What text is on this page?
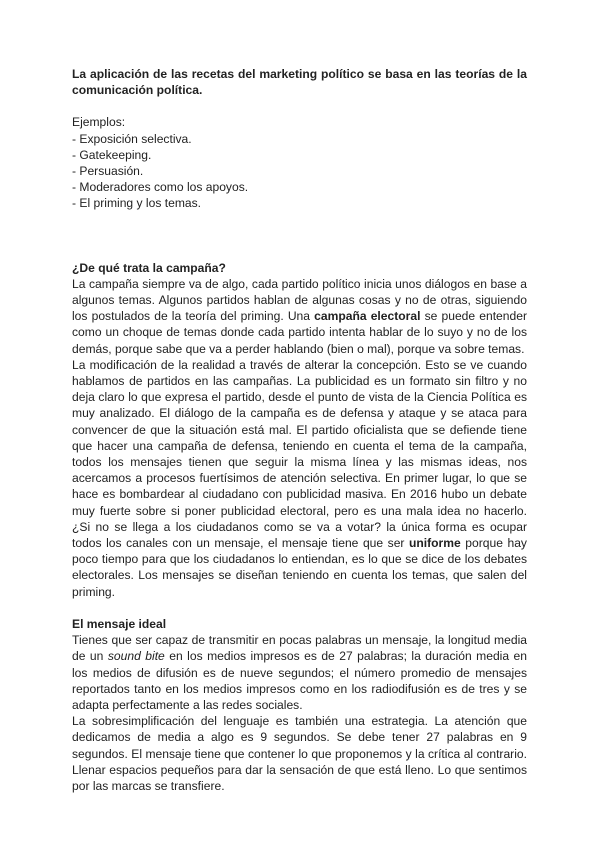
La aplicación de las recetas del marketing político se basa en las teorías de la comunicación política.

Ejemplos:
- Exposición selectiva.
- Gatekeeping.
- Persuasión.
- Moderadores como los apoyos.
- El priming y los temas.

¿De qué trata la campaña?

La campaña siempre va de algo, cada partido político inicia unos diálogos en base a algunos temas. Algunos partidos hablan de algunas cosas y no de otras, siguiendo los postulados de la teoría del priming. Una campaña electoral se puede entender como un choque de temas donde cada partido intenta hablar de lo suyo y no de los demás, porque sabe que va a perder hablando (bien o mal), porque va sobre temas.

La modificación de la realidad a través de alterar la concepción. Esto se ve cuando hablamos de partidos en las campañas. La publicidad es un formato sin filtro y no deja claro lo que expresa el partido, desde el punto de vista de la Ciencia Política es muy analizado. El diálogo de la campaña es de defensa y ataque y se ataca para convencer de que la situación está mal. El partido oficialista que se defiende tiene que hacer una campaña de defensa, teniendo en cuenta el tema de la campaña, todos los mensajes tienen que seguir la misma línea y las mismas ideas, nos acercamos a procesos fuertísimos de atención selectiva. En primer lugar, lo que se hace es bombardear al ciudadano con publicidad masiva. En 2016 hubo un debate muy fuerte sobre si poner publicidad electoral, pero es una mala idea no hacerlo. ¿Si no se llega a los ciudadanos como se va a votar? la única forma es ocupar todos los canales con un mensaje, el mensaje tiene que ser uniforme porque hay poco tiempo para que los ciudadanos lo entiendan, es lo que se dice de los debates electorales. Los mensajes se diseñan teniendo en cuenta los temas, que salen del priming.

El mensaje ideal

Tienes que ser capaz de transmitir en pocas palabras un mensaje, la longitud media de un sound bite en los medios impresos es de 27 palabras; la duración media en los medios de difusión es de nueve segundos; el número promedio de mensajes reportados tanto en los medios impresos como en los radiodifusión es de tres y se adapta perfectamente a las redes sociales.

La sobresimplificación del lenguaje es también una estrategia. La atención que dedicamos de media a algo es 9 segundos. Se debe tener 27 palabras en 9 segundos. El mensaje tiene que contener lo que proponemos y la crítica al contrario. Llenar espacios pequeños para dar la sensación de que está lleno. Lo que sentimos por las marcas se transfiere.
